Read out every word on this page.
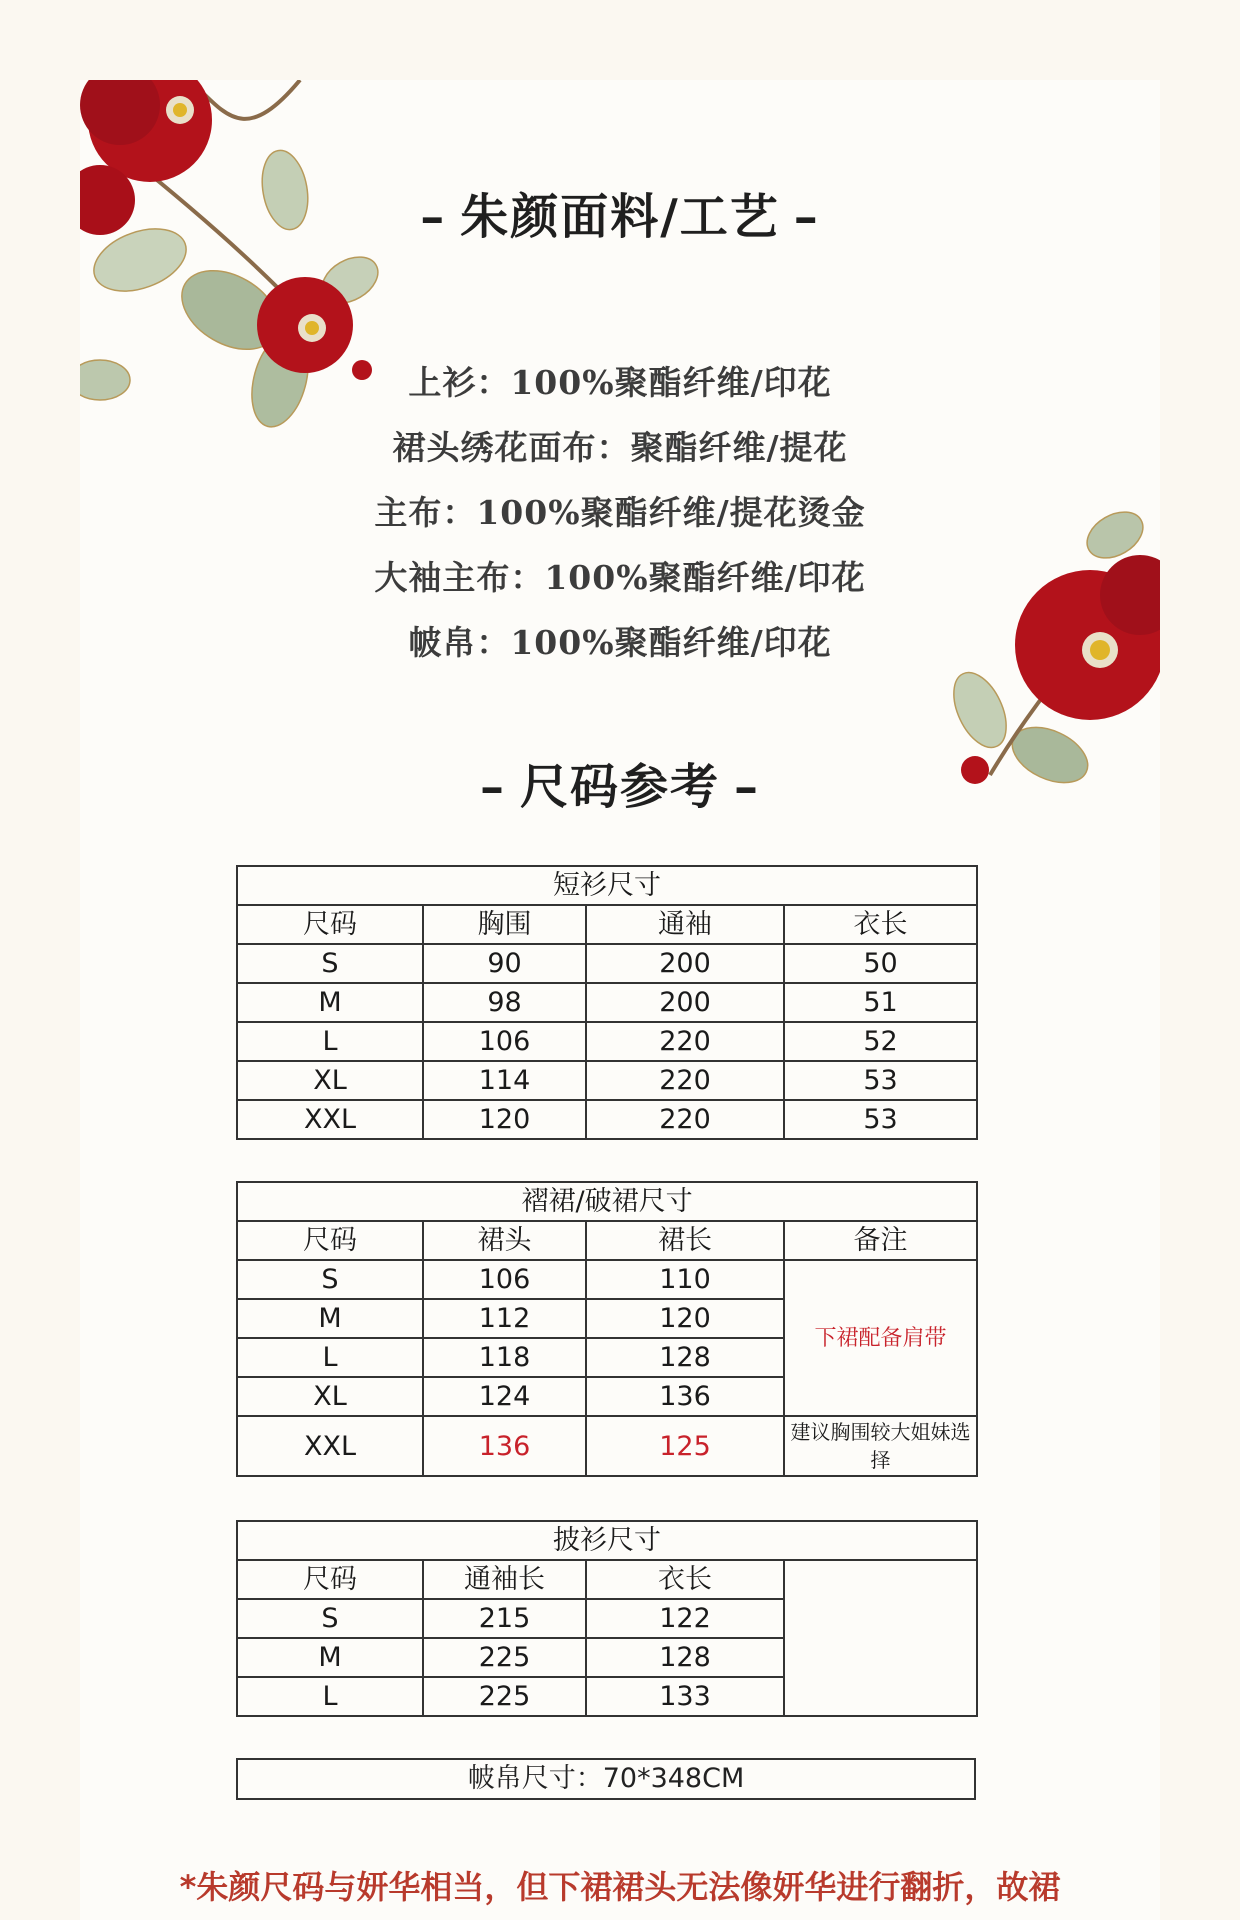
– 朱颜面料/工艺 –
上衫：100%聚酯纤维/印花
裙头绣花面布：聚酯纤维/提花
主布：100%聚酯纤维/提花烫金
大袖主布：100%聚酯纤维/印花
帔帛：100%聚酯纤维/印花
– 尺码参考 –
短衫尺寸			
尺码	胸围	通袖	衣长
S	90	200	50
M	98	200	51
L	106	220	52
XL	114	220	53
XXL	120	220	53
褶裙/破裙尺寸			
尺码	裙头	裙长	备注
S	106	110	下裙配备肩带
M	112	120	
L	118	128	
XL	124	136	
XXL	136	125	建议胸围较大姐妹选择
披衫尺寸			
尺码	通袖长	衣长	
S	215	122	
M	225	128	
L	225	133	
帔帛尺寸：70*348CM
*朱颜尺码与妍华相当，但下裙裙头无法像妍华进行翻折，故裙
